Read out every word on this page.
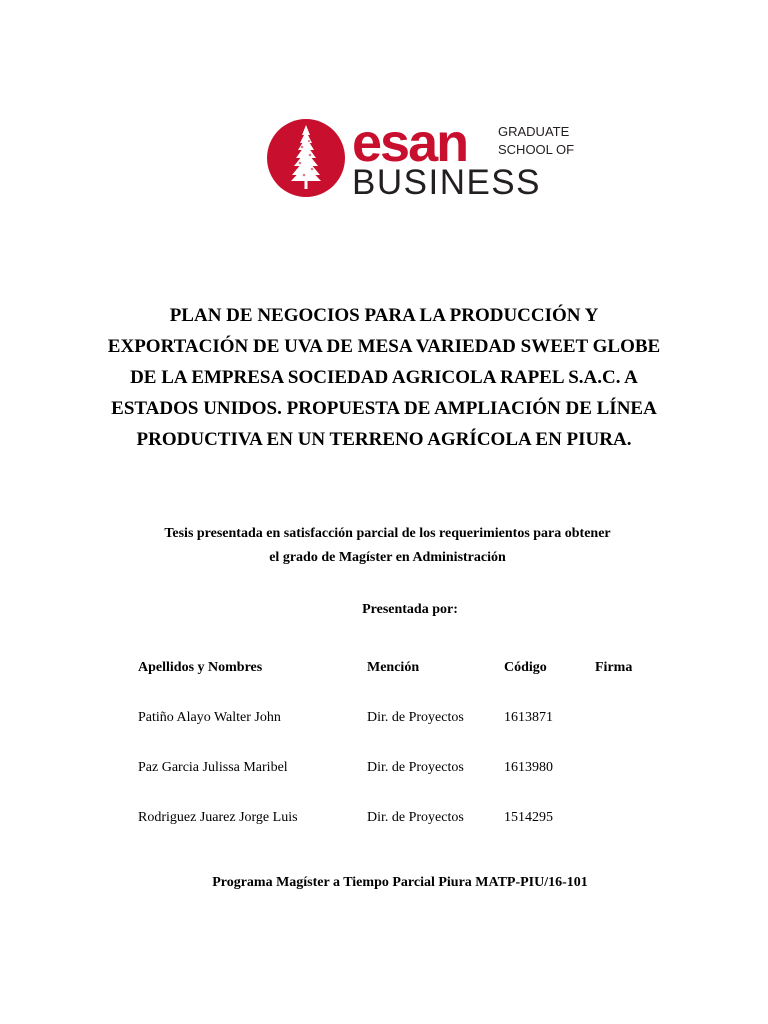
esan GRADUATE
SCHOOL OF
BUSINESS
PLAN DE NEGOCIOS PARA LA PRODUCCIÓN Y
EXPORTACIÓN DE UVA DE MESA VARIEDAD SWEET GLOBE
DE LA EMPRESA SOCIEDAD AGRICOLA RAPEL S.A.C. A
ESTADOS UNIDOS. PROPUESTA DE AMPLIACIÓN DE LÍNEA
PRODUCTIVA EN UN TERRENO AGRÍCOLA EN PIURA.
Tesis presentada en satisfacción parcial de los requerimientos para obtener
el grado de Magíster en Administración
Presentada por:
Apellidos y Nombres	Mención	Código	Firma
Patiño Alayo Walter John	Dir. de Proyectos	1613871
Paz Garcia Julissa Maribel	Dir. de Proyectos	1613980
Rodriguez Juarez Jorge Luis	Dir. de Proyectos	1514295
Programa Magíster a Tiempo Parcial Piura MATP-PIU/16-101
